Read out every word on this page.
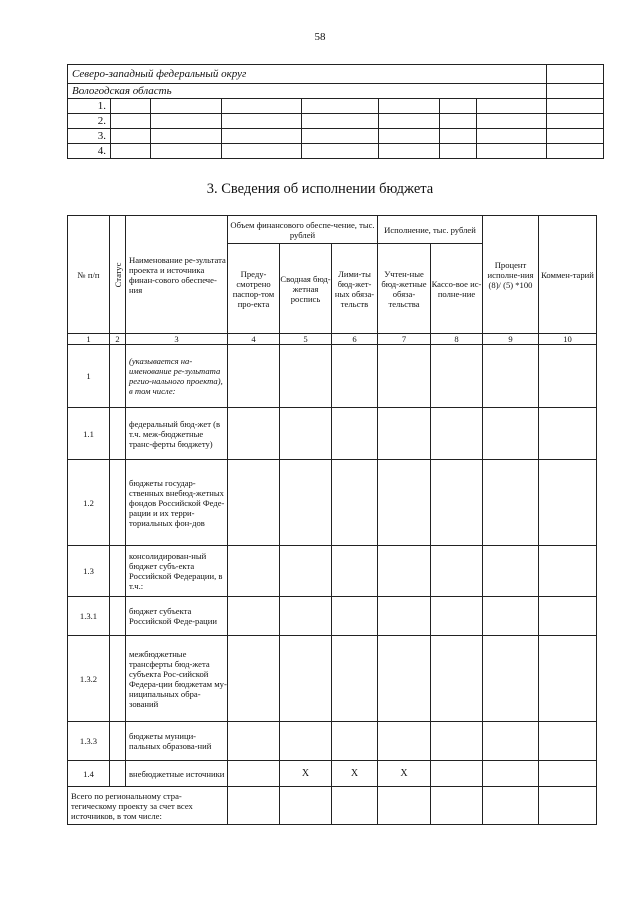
58
Северо-западный федеральный округ								
Вологодская область								
1.								
2.								
3.								
4.								
3. Сведения об исполнении бюджета
№ п/п	Статус	Наименование ре-зультата проекта и источника финан-сового обеспече-ния	Объем финансового обеспе-чение, тыс. рублей			Исполнение, тыс. рублей		Процент исполне-ния (8)/ (5) *100	Коммен-тарий
			Преду-смотрено паспор-том про-екта	Сводная бюд-жетная роспись	Лими-ты бюд-жет-ных обяза-тельств	Учтен-ные бюд-жетные обяза-тельства	Кассо-вое ис-полне-ние		
1	2	3	4	5	6	7	8	9	10
1		(указывается на-именование ре-зультата регио-нального проекта), в том числе:							
1.1		федеральный бюд-жет (в т.ч. меж-бюджетные транс-ферты бюджету)							
1.2		бюджеты государ-ственных внебюд-жетных фондов Российской Феде-рации и их терри-ториальных фон-дов							
1.3		консолидирован-ный бюджет субъ-екта Российской Федерации, в т.ч.:							
1.3.1		бюджет субъекта Российской Феде-рации							
1.3.2		межбюджетные трансферты бюд-жета субъекта Рос-сийской Федера-ции бюджетам му-ниципальных обра-зований							
1.3.3		бюджеты муници-пальных образова-ний							
1.4		внебюджетные источники		X	X	X			
Всего по региональному стра-тегическому проекту за счет всех источников, в том числе:									
